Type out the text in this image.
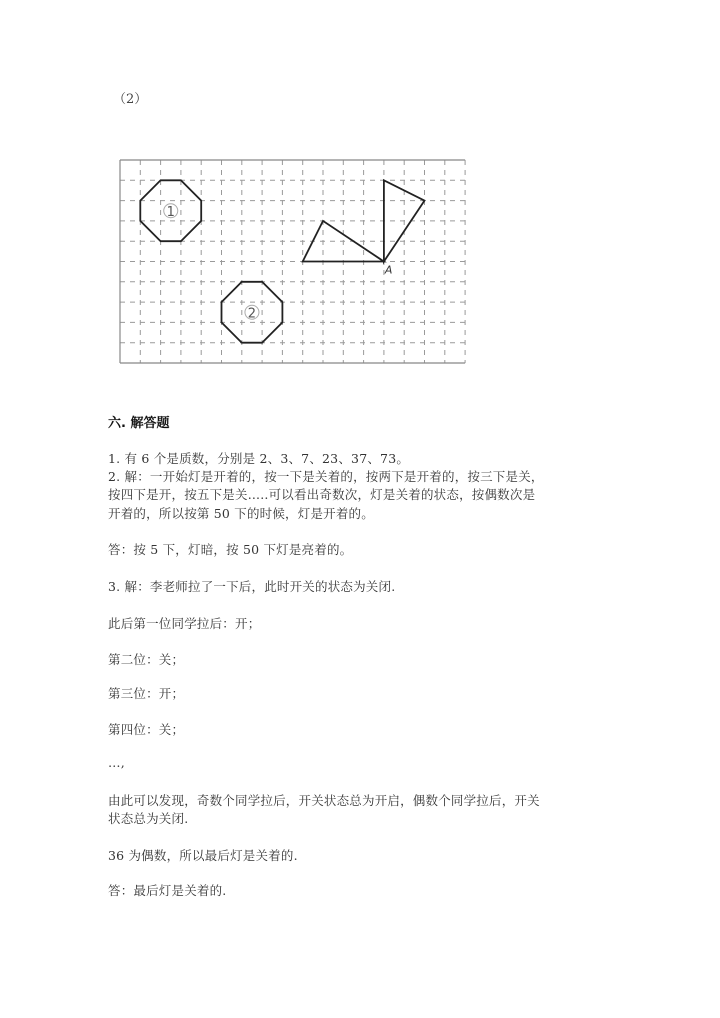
（2）
1
2
A
六. 解答题
1. 有 6 个是质数，分别是 2、3、7、23、37、73。
2. 解：一开始灯是开着的，按一下是关着的，按两下是开着的，按三下是关，
按四下是开，按五下是关.....可以看出奇数次，灯是关着的状态，按偶数次是
开着的，所以按第 50 下的时候，灯是开着的。
答：按 5 下，灯暗，按 50 下灯是亮着的。
3. 解：李老师拉了一下后，此时开关的状态为关闭.
此后第一位同学拉后：开；
第二位：关；
第三位：开；
第四位：关；
…,
由此可以发现，奇数个同学拉后，开关状态总为开启，偶数个同学拉后，开关
状态总为关闭.
36 为偶数，所以最后灯是关着的.
答：最后灯是关着的.
